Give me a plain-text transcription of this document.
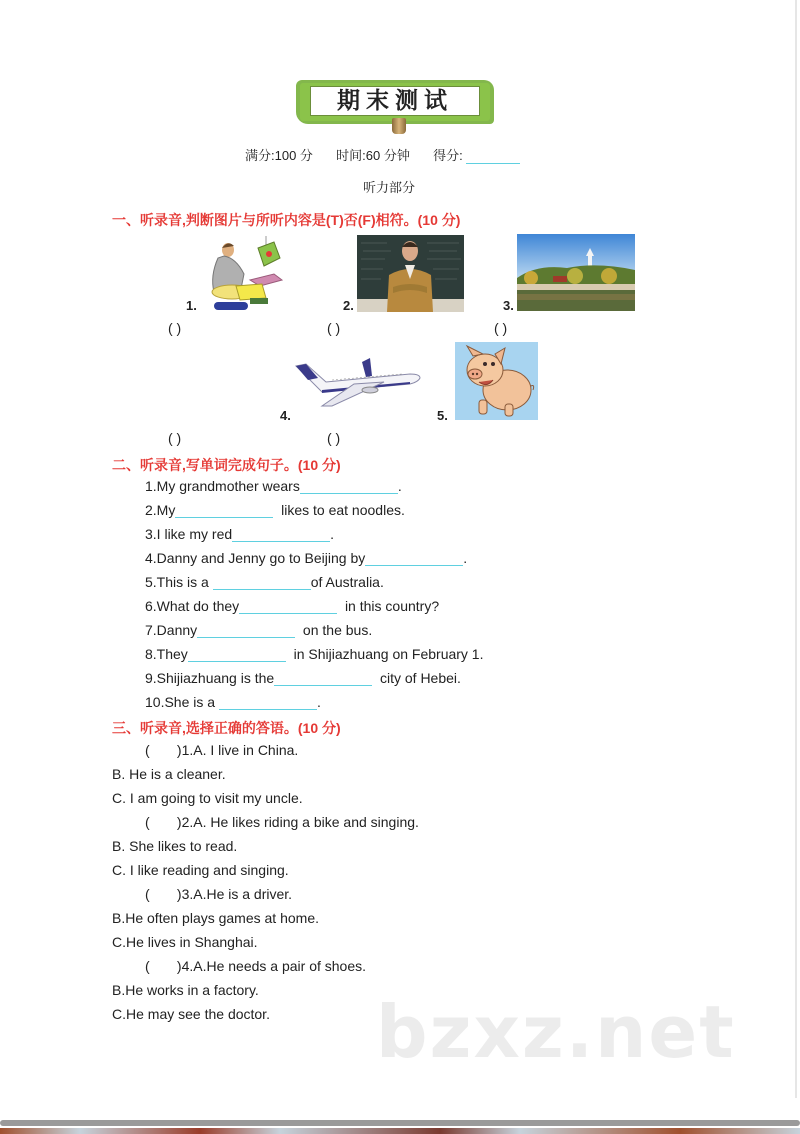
期末测试
满分:100 分 时间:60 分钟 得分:
听力部分
一、听录音,判断图片与所听内容是(T)否(F)相符。(10 分)
1.
( )
2.
( )
3.
( )
4.
( )
5.
( )
二、听录音,写单词完成句子。(10 分)
1.My grandmother wears	.
2.My	likes to eat noodles.
3.I like my red	.
4.Danny and Jenny go to Beijing by	.
5.This is a	of Australia.
6.What do they	in this country?
7.Danny	on the bus.
8.They	in Shijiazhuang on February 1.
9.Shijiazhuang is the	city of Hebei.
10.She is a	.
三、听录音,选择正确的答语。(10 分)
(       )1.A. I live in China.
B. He is a cleaner.
C. I am going to visit my uncle.
(       )2.A. He likes riding a bike and singing.
B. She likes to read.
C. I like reading and singing.
(       )3.A.He is a driver.
B.He often plays games at home.
C.He lives in Shanghai.
(       )4.A.He needs a pair of shoes.
B.He works in a factory.
C.He may see the doctor. bzxz.net
